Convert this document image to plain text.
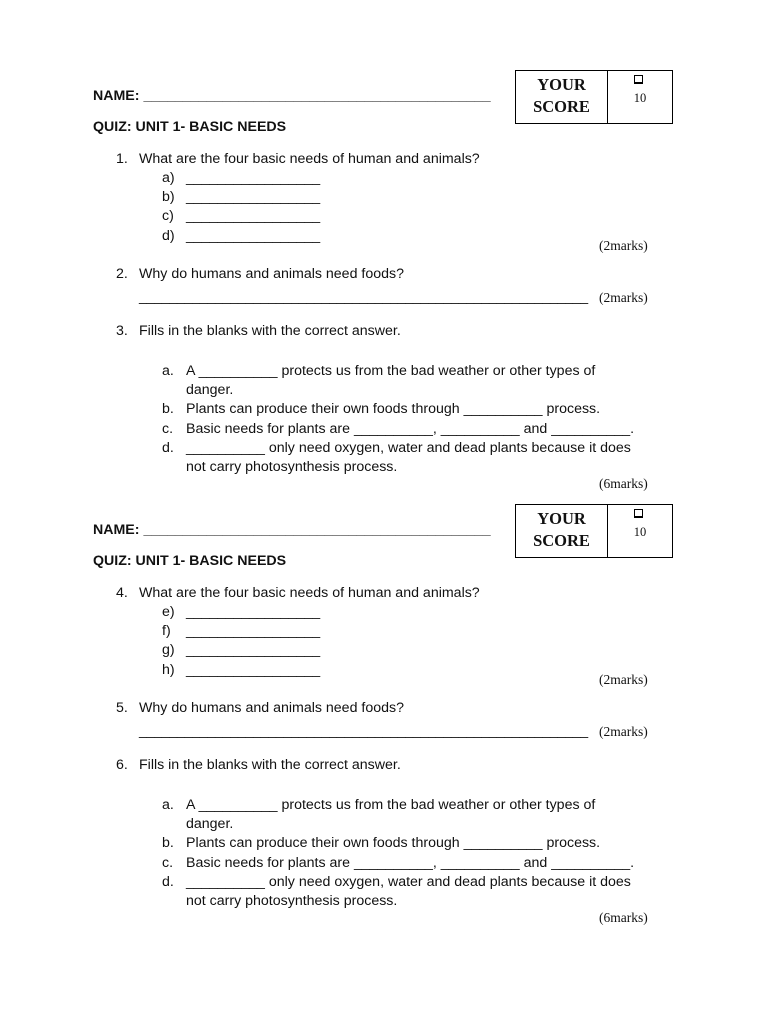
NAME: ____________________________________________
YOUR
SCORE	10
QUIZ: UNIT 1- BASIC NEEDS
1. What are the four basic needs of human and animals?
a) _________________
b) _________________
c) _________________
d) _________________
(2marks)
2. Why do humans and animals need foods?
___________________________________________________________ (2marks)
3. Fills in the blanks with the correct answer.
a. A __________ protects us from the bad weather or other types of
danger.
b. Plants can produce their own foods through __________ process.
c. Basic needs for plants are __________, __________ and __________.
d. __________ only need oxygen, water and dead plants because it does
not carry photosynthesis process.
(6marks)
NAME: ____________________________________________
YOUR
SCORE	10
QUIZ: UNIT 1- BASIC NEEDS
4. What are the four basic needs of human and animals?
e) _________________
f) _________________
g) _________________
h) _________________
(2marks)
5. Why do humans and animals need foods?
___________________________________________________________ (2marks)
6. Fills in the blanks with the correct answer.
a. A __________ protects us from the bad weather or other types of
danger.
b. Plants can produce their own foods through __________ process.
c. Basic needs for plants are __________, __________ and __________.
d. __________ only need oxygen, water and dead plants because it does
not carry photosynthesis process.
(6marks)
